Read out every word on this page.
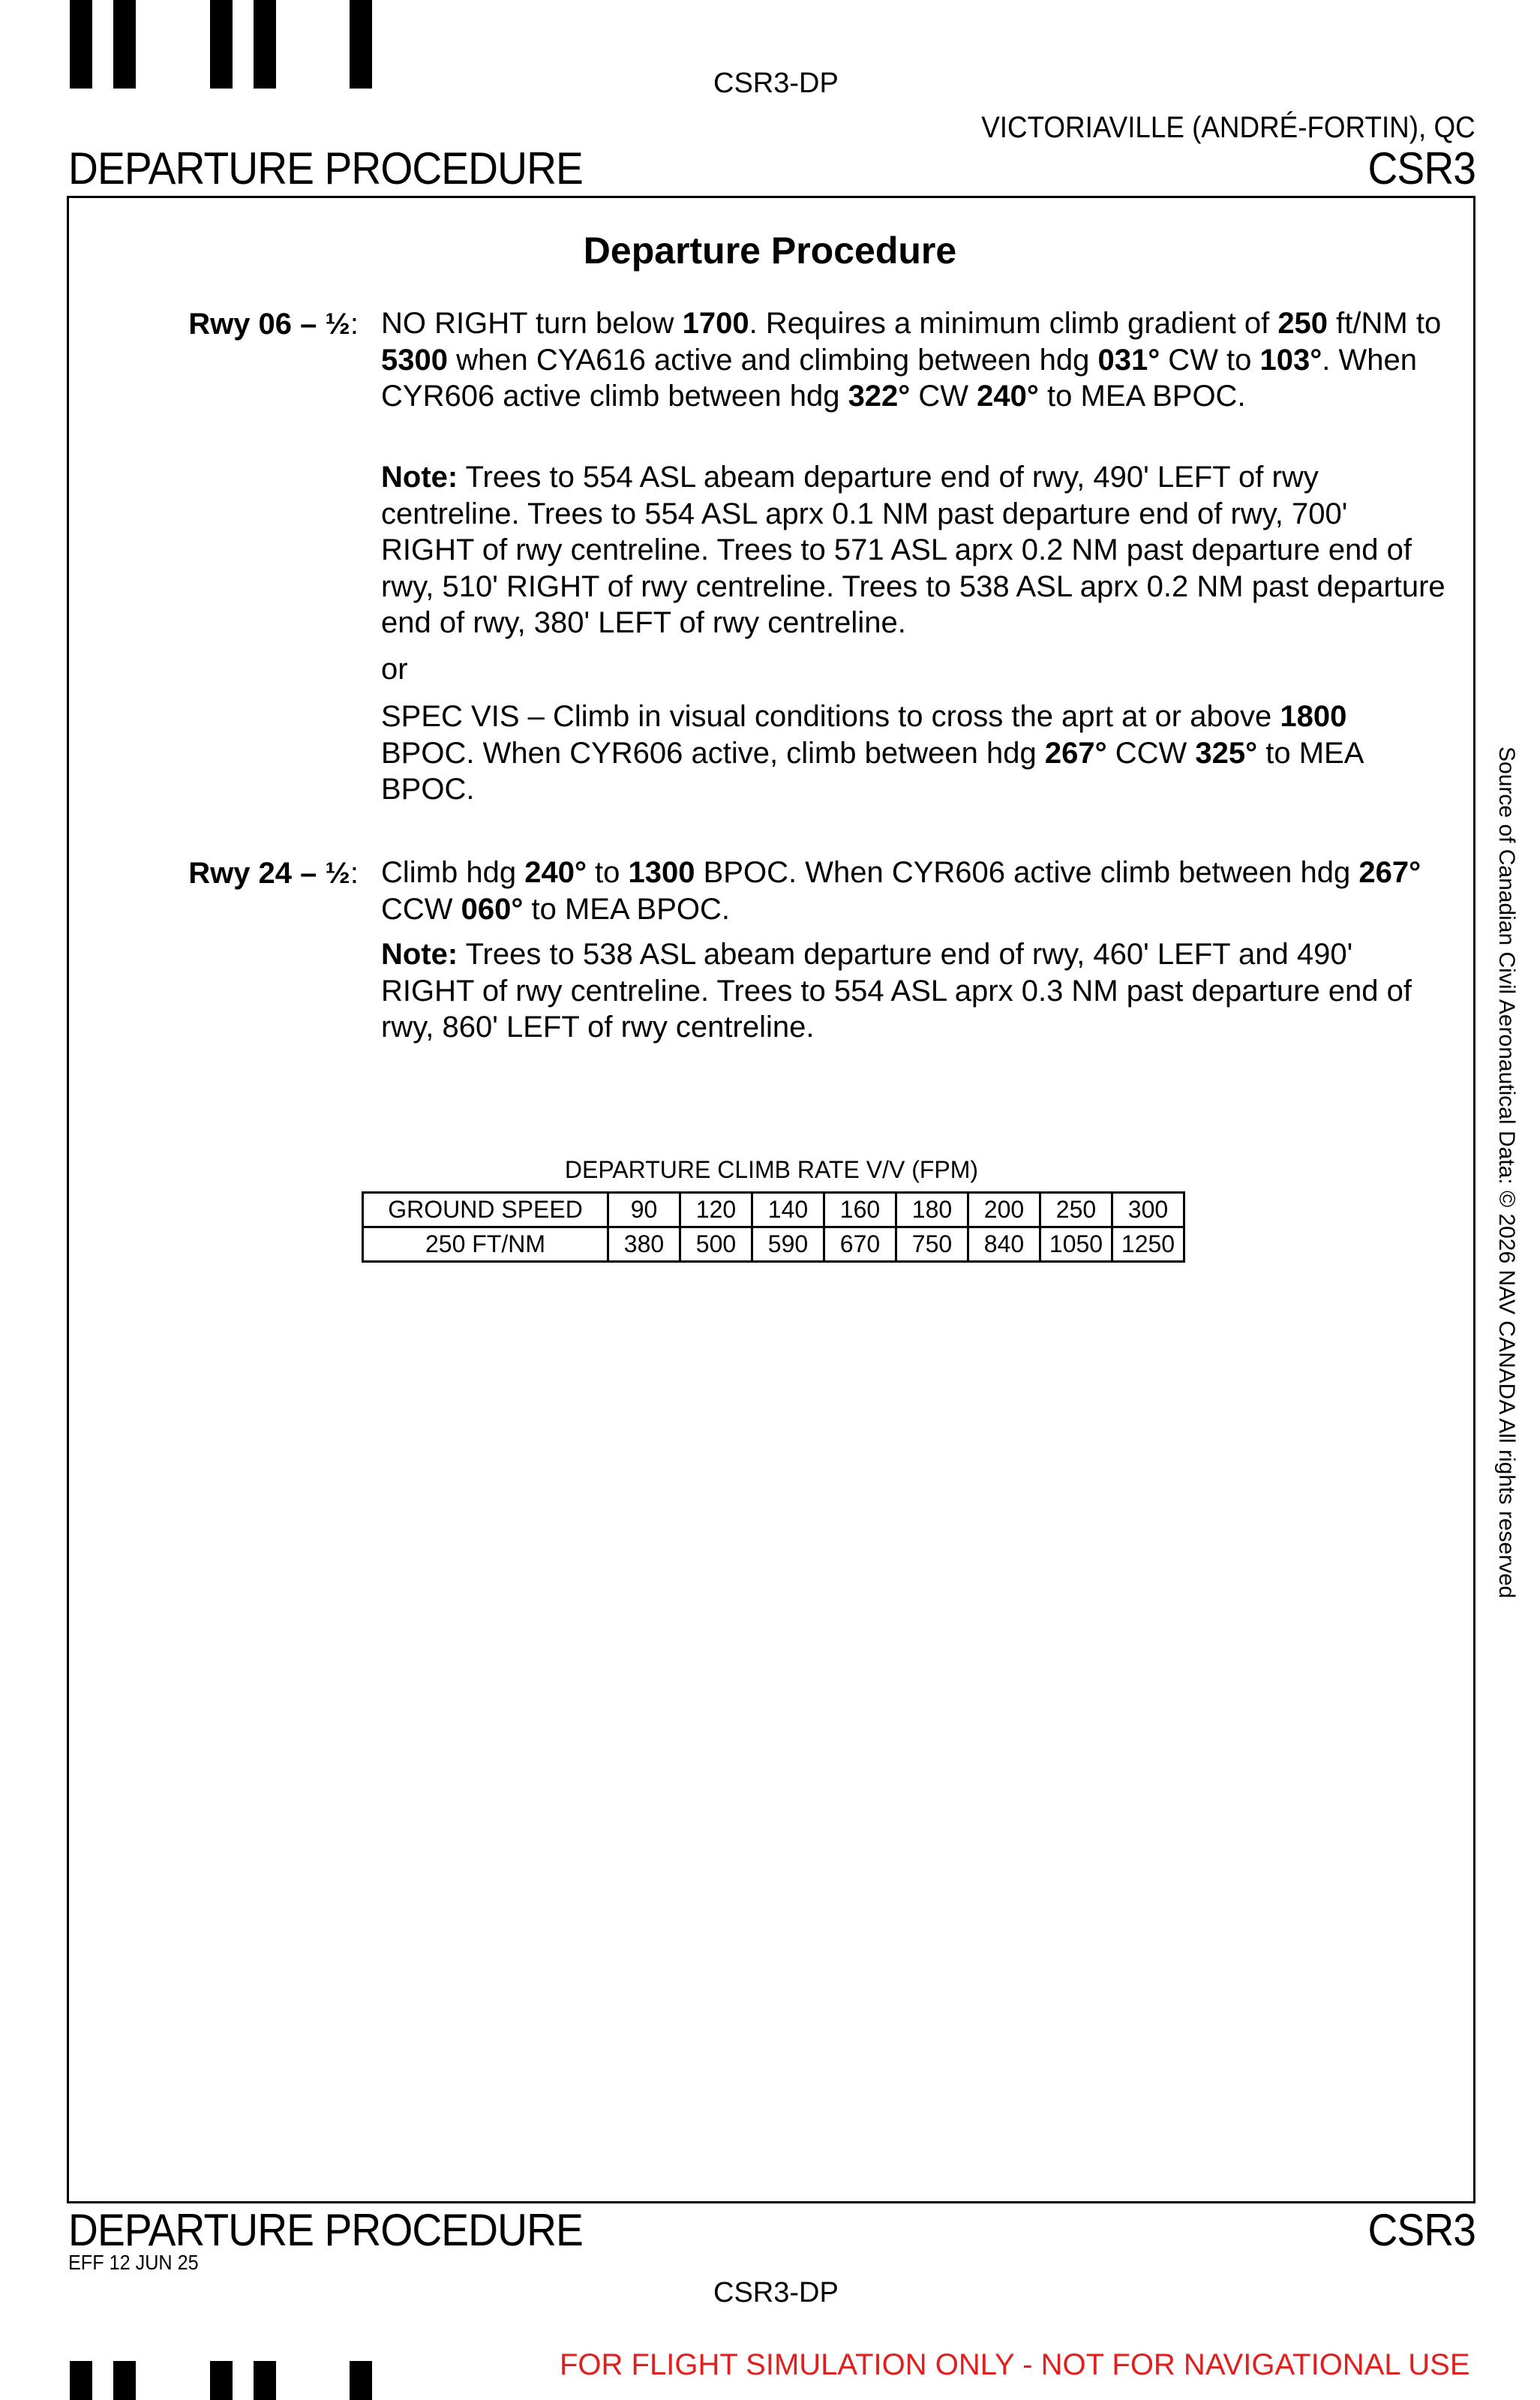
CSR3-DP
VICTORIAVILLE (ANDRÉ-FORTIN), QC
DEPARTURE PROCEDURE	CSR3
Departure Procedure
Rwy 06 – ½: NO RIGHT turn below 1700. Requires a minimum climb gradient of 250 ft/NM to 5300 when CYA616 active and climbing between hdg 031° CW to 103°. When CYR606 active climb between hdg 322° CW 240° to MEA BPOC.
Note: Trees to 554 ASL abeam departure end of rwy, 490' LEFT of rwy centreline. Trees to 554 ASL aprx 0.1 NM past departure end of rwy, 700' RIGHT of rwy centreline. Trees to 571 ASL aprx 0.2 NM past departure end of rwy, 510' RIGHT of rwy centreline. Trees to 538 ASL aprx 0.2 NM past departure end of rwy, 380' LEFT of rwy centreline.
or
SPEC VIS – Climb in visual conditions to cross the aprt at or above 1800 BPOC. When CYR606 active, climb between hdg 267° CCW 325° to MEA BPOC.
Rwy 24 – ½: Climb hdg 240° to 1300 BPOC. When CYR606 active climb between hdg 267° CCW 060° to MEA BPOC.
Note: Trees to 538 ASL abeam departure end of rwy, 460' LEFT and 490' RIGHT of rwy centreline. Trees to 554 ASL aprx 0.3 NM past departure end of rwy, 860' LEFT of rwy centreline.
DEPARTURE CLIMB RATE V/V (FPM)
GROUND SPEED	90	120	140	160	180	200	250	300
250 FT/NM	380	500	590	670	750	840	1050	1250	Source of Canadian Civil Aeronautical Data: © 2026 NAV CANADA All rights reserved
DEPARTURE PROCEDURE	CSR3
EFF 12 JUN 25
CSR3-DP
FOR FLIGHT SIMULATION ONLY - NOT FOR NAVIGATIONAL USE
